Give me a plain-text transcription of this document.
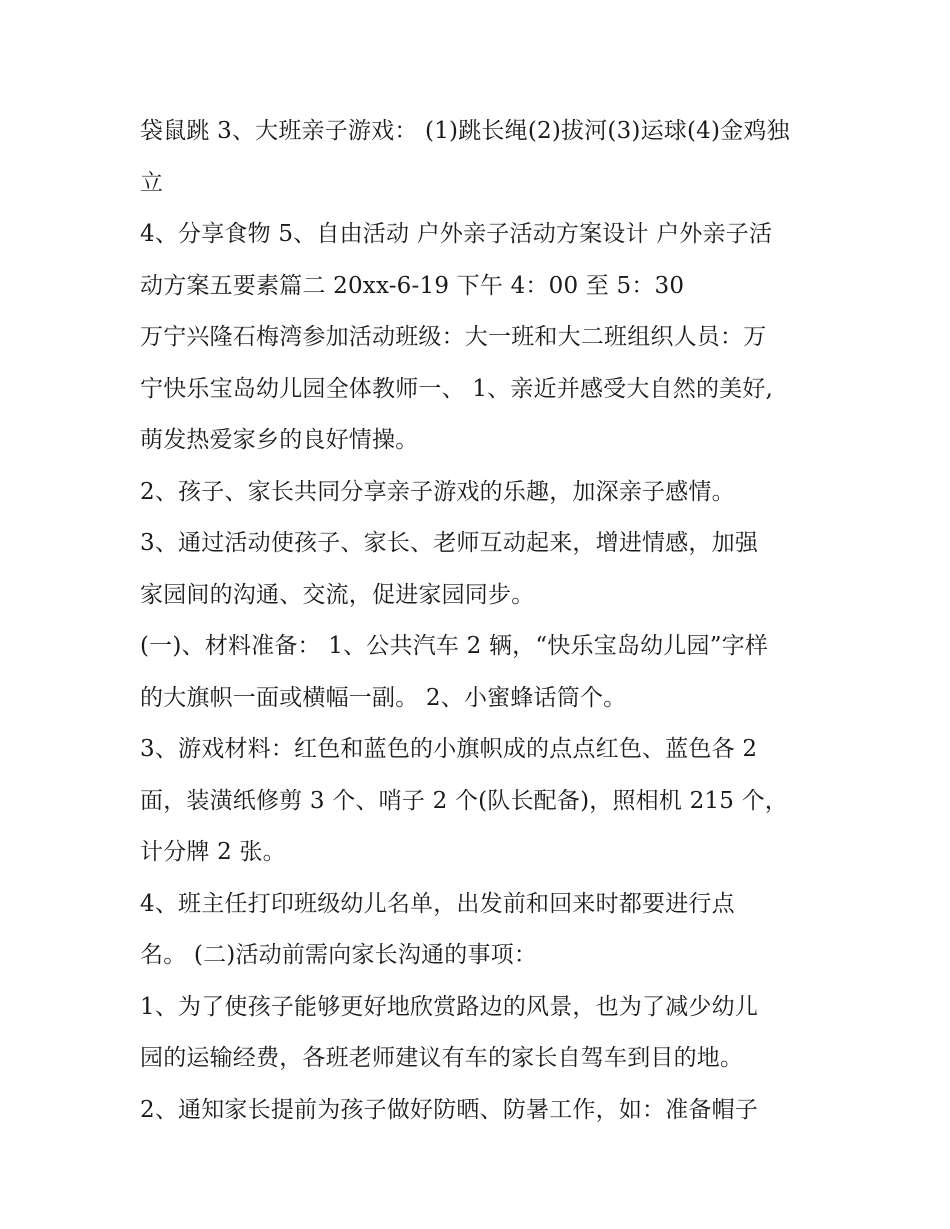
袋鼠跳 3、大班亲子游戏： (1)跳长绳(2)拔河(3)运球(4)金鸡独
立
4、分享食物 5、自由活动 户外亲子活动方案设计 户外亲子活
动方案五要素篇二 20xx-6-19 下午 4：00 至 5：30
万宁兴隆石梅湾参加活动班级：大一班和大二班组织人员：万
宁快乐宝岛幼儿园全体教师一、 1、亲近并感受大自然的美好,
萌发热爱家乡的良好情操。
2、孩子、家长共同分享亲子游戏的乐趣，加深亲子感情。
3、通过活动使孩子、家长、老师互动起来，增进情感，加强
家园间的沟通、交流，促进家园同步。
(一)、材料准备： 1、公共汽车 2 辆，“快乐宝岛幼儿园”字样
的大旗帜一面或横幅一副。 2、小蜜蜂话筒个。
3、游戏材料：红色和蓝色的小旗帜成的点点红色、蓝色各 2
面，装潢纸修剪 3 个、哨子 2 个(队长配备)，照相机 215 个，
计分牌 2 张。
4、班主任打印班级幼儿名单，出发前和回来时都要进行点
名。 (二)活动前需向家长沟通的事项：
1、为了使孩子能够更好地欣赏路边的风景，也为了减少幼儿
园的运输经费，各班老师建议有车的家长自驾车到目的地。
2、通知家长提前为孩子做好防晒、防暑工作，如：准备帽子
